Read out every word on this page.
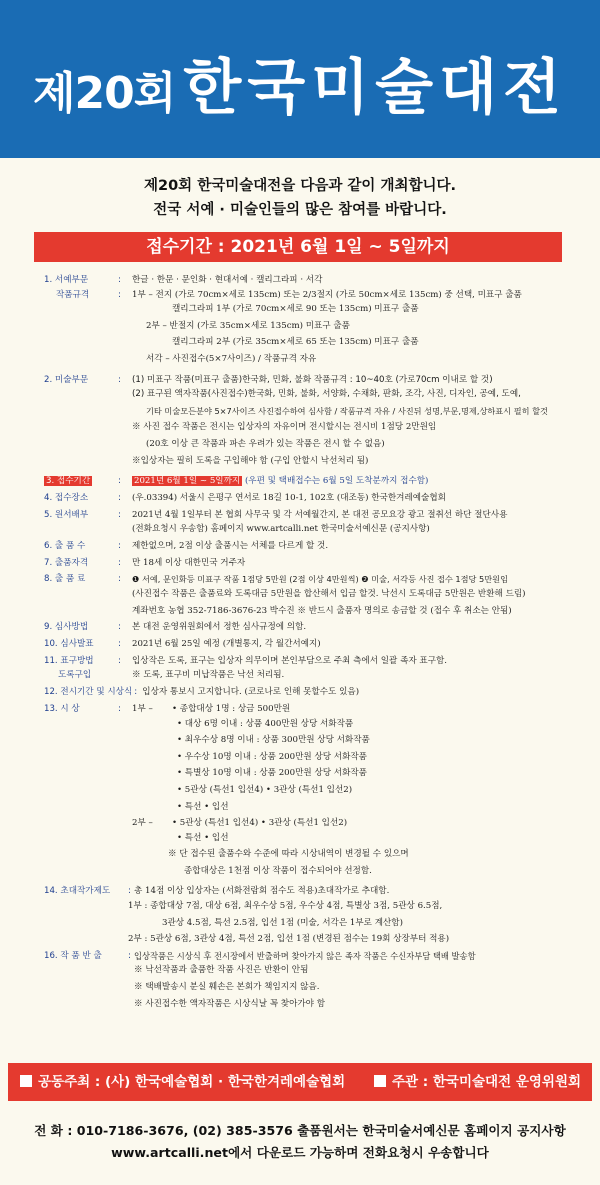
제20회 한국미술대전
제20회 한국미술대전을 다음과 같이 개최합니다.
전국 서예 · 미술인들의 많은 참여를 바랍니다.
접수기간 : 2021년 6월 1일 ~ 5일까지
1. 서예부문	:	한글 · 한문 · 문인화 · 현대서예 · 캘리그라피 · 서각
작품규격	:	1부 – 전지 (가로 70cm×세로 135cm) 또는 2/3절지 (가로 50cm×세로 135cm) 중 선택, 미표구 출품
캘리그라피 1부 (가로 70cm×세로 90 또는 135cm) 미표구 출품
2부 – 반절지 (가로 35cm×세로 135cm) 미표구 출품
캘리그라피 2부 (가로 35cm×세로 65 또는 135cm) 미표구 출품
서각 – 사진접수(5×7사이즈) / 작품규격 자유
2. 미술부문	:	(1) 미표구 작품(미표구 출품)한국화, 민화, 불화 작품규격 : 10~40호 (가로70cm 이내로 할 것)
(2) 표구된 액자작품(사진접수)한국화, 민화, 불화, 서양화, 수채화, 판화, 조각, 사진, 디자인, 공예, 도예,
기타 미술모든분야 5×7사이즈 사진접수하여 심사함 / 작품규격 자유 / 사진뒤 성명,부문,명제,상하표시 필히 할것
※ 사진 접수 작품은 전시는 입상자의 자유이며 전시할시는 전시비 1점당 2만원임
(20호 이상 큰 작품과 파손 우려가 있는 작품은 전시 할 수 없음)
※입상자는 필히 도록을 구입해야 함 (구입 안할시 낙선처리 됨)
3. 접수기간	:	2021년 6월 1일 ~ 5일까지 (우편 및 택배접수는 6월 5일 도착분까지 접수함)
4. 접수장소	:	(우.03394) 서울시 은평구 연서로 18길 10-1, 102호 (대조동) 한국한겨레예술협회
5. 원서배부	:	2021년 4월 1일부터 본 협회 사무국 및 각 서예월간지, 본 대전 공모요강 광고 절취선 하단 절단사용
(전화요청시 우송함) 홈페이지 www.artcalli.net 한국미술서예신문 (공지사항)
6. 출 품 수	:	제한없으며, 2점 이상 출품시는 서체를 다르게 할 것.
7. 출품자격	:	만 18세 이상 대한민국 거주자
8. 출 품 료	:	❶ 서예, 문인화등 미표구 작품 1점당 5만원 (2점 이상 4만원씩) ❷ 미술, 서각등 사진 접수 1점당 5만원임
(사진접수 작품은 출품료와 도록대금 5만원을 합산해서 입금 할것. 낙선시 도록대금 5만원은 반환해 드림)
계좌번호 농협 352-7186-3676-23 박수진 ※ 반드시 출품자 명의로 송금할 것 (접수 후 취소는 안됨)
9. 심사방법	:	본 대전 운영위원회에서 정한 심사규정에 의함.
10. 심사발표	:	2021년 6월 25일 예정 (개별통지, 각 월간서예지)
11. 표구방법	:	입상작은 도록, 표구는 입상자 의무이며 본인부담으로 주최 측에서 일괄 족자 표구함.
도록구입	※ 도록, 표구비 미납작품은 낙선 처리됨.
12. 전시기간 및 시상식 : 입상자 통보시 고지합니다. (코로나로 인해 못할수도 있음)
13. 시 상	:	1부 –	• 종합대상 1명 : 상금 500만원
• 대상 6명 이내 : 상품 400만원 상당 서화작품
• 최우수상 8명 이내 : 상품 300만원 상당 서화작품
• 우수상 10명 이내 : 상품 200만원 상당 서화작품
• 특별상 10명 이내 : 상품 200만원 상당 서화작품
• 5관상 (특선1 입선4) • 3관상 (특선1 입선2)
• 특선 • 입선
2부 –	• 5관상 (특선1 입선4) • 3관상 (특선1 입선2)
• 특선 • 입선
※ 단 접수된 출품수와 수준에 따라 시상내역이 변경될 수 있으며
종합대상은 1천점 이상 작품이 접수되어야 선정함.
14. 초대작가제도	: 총 14점 이상 입상자는 (서화전람회 점수도 적용)초대작가로 추대함.
1부 : 종합대상 7점, 대상 6점, 최우수상 5점, 우수상 4점, 특별상 3점, 5관상 6.5점,
3관상 4.5점, 특선 2.5점, 입선 1점 (미술, 서각은 1부로 계산함)
2부 : 5관상 6점, 3관상 4점, 특선 2점, 입선 1점 (변경된 점수는 19회 상장부터 적용)
16. 작 품 반 출	: 입상작품은 시상식 후 전시장에서 반출하며 찾아가지 않은 족자 작품은 수신자부담 택배 발송함
※ 낙선작품과 출품한 작품 사진은 반환이 안됨
※ 택배발송시 분실 훼손은 본회가 책임지지 않음.
※ 사진접수한 액자작품은 시상식날 꼭 찾아가야 함
공동주최 : (사) 한국예술협회 · 한국한겨레예술협회	주관 : 한국미술대전 운영위원회
전 화 : 010-7186-3676, (02) 385-3576 출품원서는 한국미술서예신문 홈페이지 공지사항
www.artcalli.net에서 다운로드 가능하며 전화요청시 우송합니다
